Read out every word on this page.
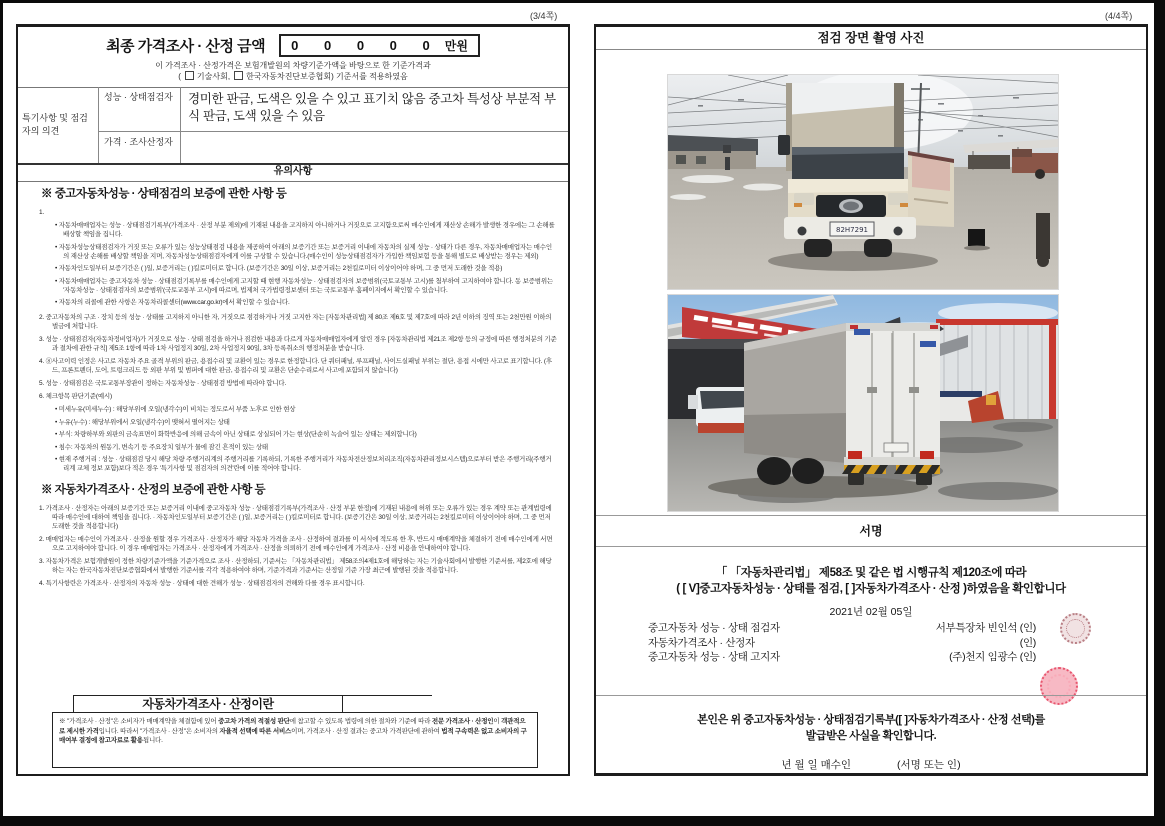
(3/4쪽)	(4/4쪽)
최종 가격조사 · 산정 금액 0 0 0 0 0 만원
이 가격조사 · 산정가격은 보험개발원의 차량기준가액을 바탕으로 한 기준가격과
( 기술사회, 한국자동차진단보증협회) 기준서를 적용하였음
특기사항 및 점검자의 의견
성능 · 상태점검자	경미한 판금, 도색은 있을 수 있고 표기치 않음 중고차 특성상 부분적 부식 판금, 도색 있을 수 있음
가격 · 조사산정자
유의사항
※ 중고자동차성능 · 상태점검의 보증에 관한 사항 등
1.
• 자동차매매업자는 성능 · 상태점검기록부(가격조사 · 산정 부분 제외)에 기재된 내용을 고지하지 아니하거나 거짓으로 고지함으로써 매수인에게 재산상 손해가 발생한 경우에는 그 손해를 배상할 책임을 집니다.
• 자동차성능상태점검자가 거짓 또는 오류가 있는 성능상태점검 내용을 제공하여 아래의 보증기간 또는 보증거리 이내에 자동차의 실제 성능 · 상태가 다른 경우, 자동차매매업자는 매수인의 재산상 손해를 배상할 책임을 지며, 자동차성능상태점검자에게 이를 구상할 수 있습니다.(매수인이 성능상태점검자가 가입한 책임보험 등을 통해 별도로 배상받는 경우는 제외)
• 자동차인도일부터 보증기간은 ( )일, 보증거리는 ( )킬로미터로 합니다. (보증기간은 30일 이상, 보증거리는 2천킬로미터 이상이어야 하며, 그 중 먼저 도래한 것을 적용)
• 자동차매매업자는 중고자동차 성능 · 상태점검기록부를 매수인에게 고지할 때 현행 자동차성능 · 상태점검자의 보증범위(국토교통부 고시)를 첨부하여 고지하여야 합니다. 동 보증범위는 '자동차성능 · 상태점검자의 보증범위'(국토교통부 고시)에 따르며, 법제처 국가법령정보센터 또는 국토교통부 홈페이지에서 확인할 수 있습니다.
• 자동차의 리콜에 관한 사항은 자동차리콜센터(www.car.go.kr)에서 확인할 수 있습니다.
2. 중고자동차의 구조 · 장치 등의 성능 · 상태를 고지하지 아니한 자, 거짓으로 점검하거나 거짓 고지한 자는 [자동차관리법] 제 80조 제6호 및 제7호에 따라 2년 이하의 징역 또는 2천만원 이하의 벌금에 처합니다.
3. 성능 · 상태점검자(자동차정비업자)가 거짓으로 성능 · 상태 점검을 하거나 점검한 내용과 다르게 자동차매매업자에게 알린 경우 [자동차관리법 제21조 제2항 등의 규정에 따른 행정처분의 기준과 절차에 관한 규칙] 제5조 1항에 따라 1차 사업정지 30일, 2차 사업정지 90일, 3차 등록취소의 행정처분을 받습니다.
4. ⑧사고이력 인정은 사고로 자동차 주요 골격 부위의 판금, 용접수리 및 교환이 있는 경우로 한정합니다. 단 쿼터패널, 루프패널, 사이드실패널 부위는 절단, 용접 시에만 사고로 표기합니다. (후드, 프론트펜더, 도어, 트렁크리드 등 외판 부위 및 범퍼에 대한 판금, 용접수리 및 교환은 단순수리로서 사고에 포함되지 않습니다)
5. 성능 · 상태점검은 국토교통부장관이 정하는 자동차성능 · 상태점검 방법에 따라야 합니다.
6. 체크항목 판단기준(예시)
• 미세누유(미세누수) : 해당부위에 오일(냉각수)이 비치는 정도로서 부품 노후로 인한 현상
• 누유(누수) : 해당부위에서 오일(냉각수)이 맺혀서 떨어지는 상태
• 부식: 차량하부와 외판의 금속표면이 화학반응에 의해 금속이 아닌 상태로 상실되어 가는 현상(단순히 녹슬어 있는 상태는 제외합니다)
• 침수: 자동차의 원동기, 변속기 등 주요장치 일부가 물에 잠긴 흔적이 있는 상태
• 현재 주행거리 : 성능 · 상태점검 당시 해당 차량 주행거리계의 주행거리를 기록하되, 기록한 주행거리가 자동차전산정보처리조직(자동차관리정보시스템)으로부터 받은 주행거리(주행거리계 교체 정보 포함)보다 적은 경우 '특기사항 및 점검자의 의견'란에 이를 적어야 합니다.
※ 자동차가격조사 · 산정의 보증에 관한 사항 등
1. 가격조사 · 산정자는 아래의 보증기간 또는 보증거리 이내에 중고자동차 성능 · 상태점검기록부(가격조사 · 산정 부분 한정)에 기재된 내용에 허위 또는 오류가 있는 경우 계약 또는 관계법령에 따라 매수인에 대하여 책임을 집니다. · 자동차인도일부터 보증기간은 ( )일, 보증거리는 ( )킬로미터로 합니다. (보증기간은 30일 이상, 보증거리는 2천킬로미터 이상이어야 하며, 그 중 먼저 도래한 것을 적용합니다)
2. 매매업자는 매수인이 가격조사 · 산정을 원할 경우 가격조사 · 산정자가 해당 자동차 가격을 조사 · 산정하여 결과를 이 서식에 적도록 한 후, 반드시 매매계약을 체결하기 전에 매수인에게 서면으로 고지하여야 합니다. 이 경우 매매업자는 가격조사 · 산정자에게 가격조사 · 산정을 의뢰하기 전에 매수인에게 가격조사 · 산정 비용을 안내하여야 합니다.
3. 자동차가격은 보험개발원이 정한 차량기준가액을 기준가격으로 조사 · 산정하되, 기준서는 「자동차관리법」 제58조의4제1호에 해당하는 자는 기술사회에서 발행한 기준서를, 제2호에 해당하는 자는 한국자동차진단보증협회에서 발행한 기준서를 각각 적용하여야 하며, 기준가격과 기준서는 산정일 기준 가장 최근에 발행된 것을 적용합니다.
4. 특기사항란은 가격조사 · 산정자의 자동차 성능 · 상태에 대한 견해가 성능 · 상태점검자의 견해와 다를 경우 표시합니다.
자동차가격조사 · 산정이란
※ "가격조사 · 산정"은 소비자가 매매계약을 체결함에 있어 중고차 가격의 적절성 판단에 참고할 수 있도록 법령에 의한 절차와 기준에 따라 전문 가격조사 · 산정인이 객관적으로 제시한 가격입니다. 따라서 "가격조사 · 산정"은 소비자의 자율적 선택에 따른 서비스이며, 가격조사 · 산정 결과는 중고차 가격판단에 관하여 법적 구속력은 없고 소비자의 구매여부 결정에 참고자료로 활용됩니다.
점검 장면 촬영 사진
82H7291
서명
「 「자동차관리법」 제58조 및 같은 법 시행규칙 제120조에 따라
( [ V]중고자동차성능 · 상태를 점검, [ ]자동차가격조사 · 산정 )하였음을 확인합니다
2021년 02월 05일
중고자동차 성능 · 상태 점검자	서부특장차 빈인석 (인)
자동차가격조사 · 산정자	(인)
중고자동차 성능 · 상태 고지자	(주)천지 임광수 (인)
본인은 위 중고자동차성능 · 상태점검기록부([ ]자동차가격조사 · 산정 선택)를
발급받은 사실을 확인합니다.
년 월 일 매수인	(서명 또는 인)
